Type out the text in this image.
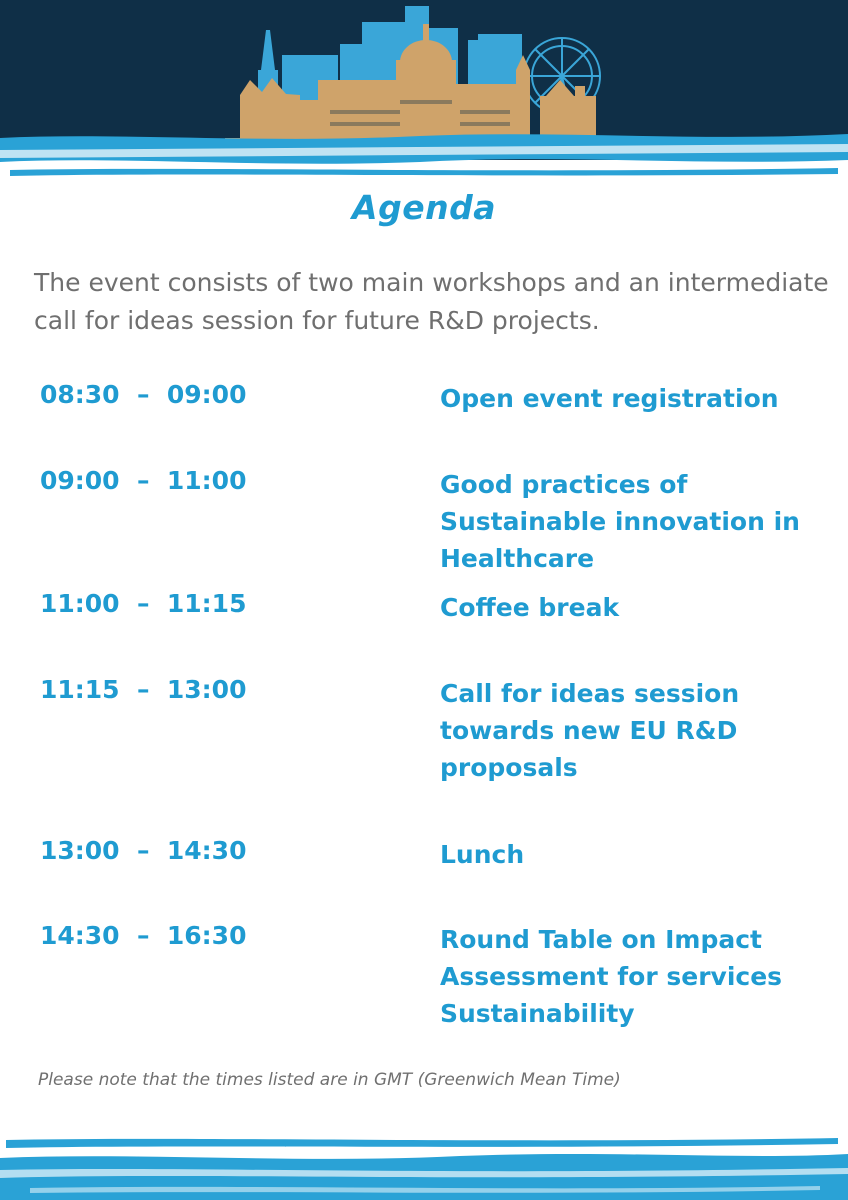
Agenda
The event consists of two main workshops and an intermediate call for ideas session for future R&D projects.
08:30  –  09:00	Open event registration
09:00  –  11:00	Good practices of Sustainable innovation in Healthcare
11:00  –  11:15	Coffee break
11:15  –  13:00	Call for ideas session towards new EU R&D proposals
13:00  –  14:30	Lunch
14:30  –  16:30	Round Table on Impact Assessment for services Sustainability
Please note that the times listed are in GMT (Greenwich Mean Time)
